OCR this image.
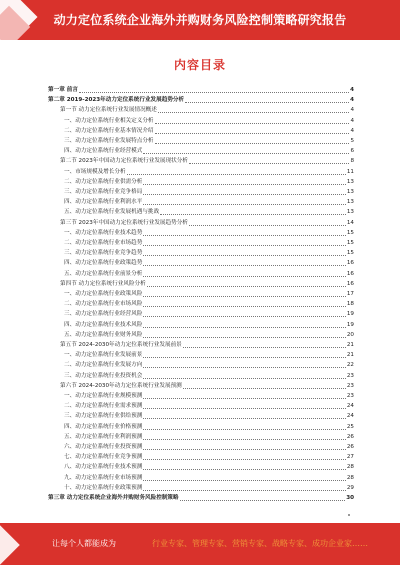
动力定位系统企业海外并购财务风险控制策略研究报告
内容目录
第一章 前言	4
第二章 2019-2023年动力定位系统行业发展趋势分析	4
第一节 动力定位系统行业发展情况概述	4
一、动力定位系统行业相关定义分析	4
二、动力定位系统行业基本情况介绍	4
三、动力定位系统行业发展特点分析	5
四、动力定位系统行业经营模式	6
第二节 2023年中国动力定位系统行业发展现状分析	8
一、市场规模及增长分析	11
二、动力定位系统行业供需分析	13
三、动力定位系统行业竞争格局	13
四、动力定位系统行业利润水平	13
五、动力定位系统行业发展机遇与挑战	13
第三节 2023年中国动力定位系统行业发展趋势分析	14
一、动力定位系统行业技术趋势	15
二、动力定位系统行业市场趋势	15
三、动力定位系统行业竞争趋势	15
四、动力定位系统行业政策趋势	16
五、动力定位系统行业前景分析	16
第四节 动力定位系统行业风险分析	16
一、动力定位系统行业政策风险	17
二、动力定位系统行业市场风险	18
三、动力定位系统行业经营风险	19
四、动力定位系统行业技术风险	19
五、动力定位系统行业财务风险	20
第五节 2024-2030年动力定位系统行业发展前景	21
一、动力定位系统行业发展前景	21
二、动力定位系统行业发展方向	22
三、动力定位系统行业投资机会	23
第六节 2024-2030年动力定位系统行业发展预测	23
一、动力定位系统行业规模预测	23
二、动力定位系统行业需求预测	24
三、动力定位系统行业供给预测	24
四、动力定位系统行业价格预测	25
五、动力定位系统行业利润预测	26
六、动力定位系统行业投资预测	26
七、动力定位系统行业竞争预测	27
八、动力定位系统行业技术预测	28
九、动力定位系统行业市场预测	28
十、动力定位系统行业政策预测	29
第三章 动力定位系统企业海外并购财务风险控制策略	30
让每个人都能成为	行业专家、管理专家、营销专家、战略专家、成功企业家……
